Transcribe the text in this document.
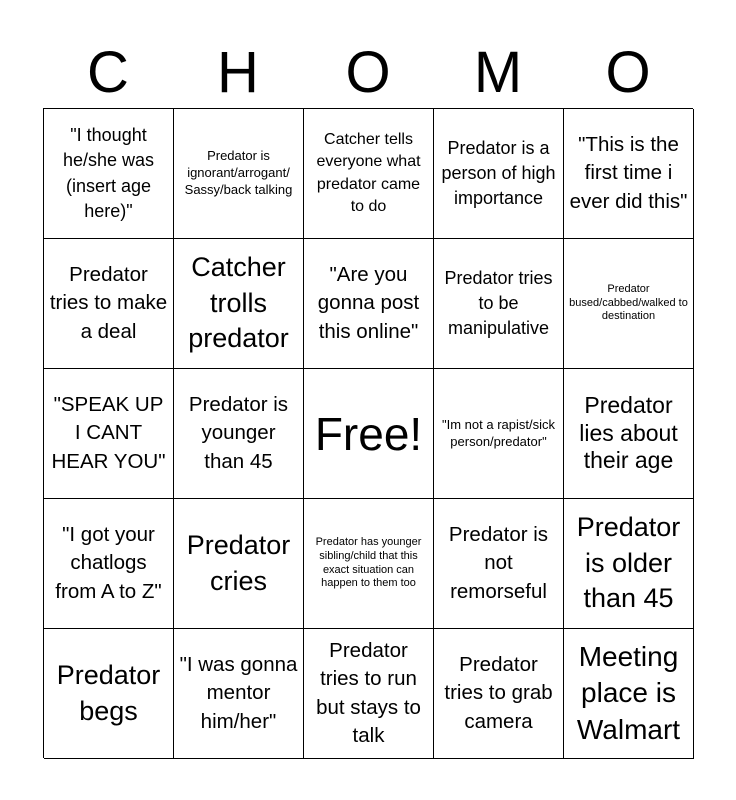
C	H	O	M	O
"I thought he/she was (insert age here)"
Predator is ignorant/arrogant/ Sassy/back talking
Catcher tells everyone what predator came to do
Predator is a person of high importance
"This is the first time i ever did this"
Predator tries to make a deal
Catcher trolls predator
"Are you gonna post this online"
Predator tries to be manipulative
Predator bused/cabbed/walked to destination
"SPEAK UP I CANT HEAR YOU"
Predator is younger than 45
Free! "Im not a rapist/sick person/predator"
Predator lies about their age
"I got your chatlogs from A to Z"
Predator cries
Predator has younger sibling/child that this exact situation can happen to them too
Predator is not remorseful
Predator is older than 45
Predator begs
"I was gonna mentor him/her"
Predator tries to run but stays to talk
Predator tries to grab camera
Meeting place is Walmart
